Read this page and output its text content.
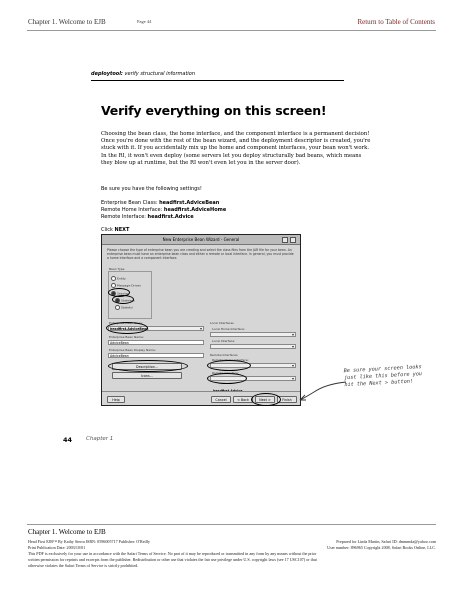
Chapter 1. Welcome to EJB	Page 44	Return to Table of Contents
deploytool: verify structural information
Verify everything on this screen!
Choosing the bean class, the home interface, and the component interface is a permanent decision! Once you're done with the rest of the bean wizard, and the deployment descriptor is created, you're stuck with it. If you accidentally mix up the home and component interfaces, your bean won't work. In the RI, it won't even deploy (some servers let you deploy structurally bad beans, which means they blow up at runtime, but the RI won't even let you in the server door).
Be sure you have the following settings!
Enterprise Bean Class: headfirst.AdviceBean
Remote Home Interface: headfirst.AdviceHome
Remote Interface: headfirst.Advice
Click NEXT
New Enterprise Bean Wizard - General
Please choose the type of enterprise bean you are creating and select the class files from the JAR file for your bean. An enterprise bean must have an enterprise bean class and either a remote or local interface. In general, you must provide a home interface and a component interface.
Bean Type
Entity
Message-Driven
Session
Stateless
Stateful
Enterprise Bean Class:
headfirst.AdviceBean
Enterprise Bean Name:
AdviceBean
Enterprise Bean Display Name:
AdviceBean
Description...
Icons...
Local Interfaces
Local Home Interface:
Local Interface:
Remote Interfaces
Remote Home Interface:
Remote Interface:
headfirst.Advice
Help	Cancel	< Back	Next >	Finish
Be sure your screen looks just like this before you hit the Next > button!
44	Chapter 1
Chapter 1. Welcome to EJB
Head First EJB™ By Kathy Sierra ISBN: 0596005717 Publisher: O'Reilly	Prepared for Linda Martin, Safari ID: dmmmda@yahoo.com
Print Publication Date: 2003/10/01	User number: 896965 Copyright 2008, Safari Books Online, LLC.
This PDF is exclusively for your use in accordance with the Safari Terms of Service. No part of it may be reproduced or transmitted in any form by any means without the prior
written permission for reprints and excerpts from the publisher. Redistribution or other use that violates the fair use privilege under U.S. copyright laws (see 17 USC107) or that
otherwise violates the Safari Terms of Service is strictly prohibited.
